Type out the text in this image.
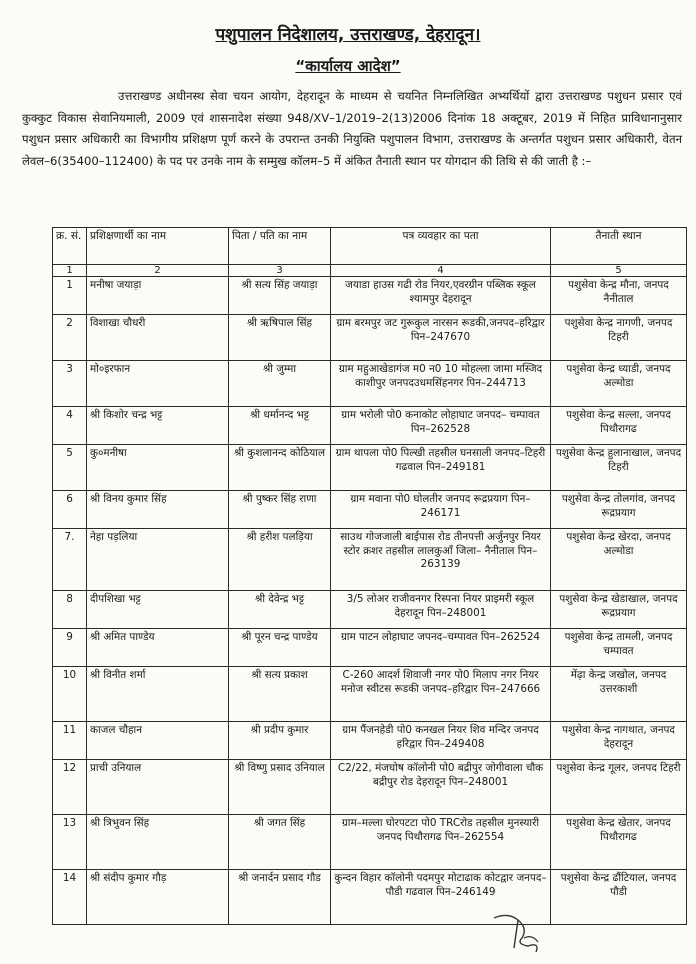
पशुपालन निदेशालय, उत्तराखण्ड, देहरादून।
“कार्यालय आदेश”
उत्तराखण्ड अधीनस्थ सेवा चयन आयोग, देहरादून के माध्यम से चयनित निम्नलिखित अभ्यर्थियों द्वारा उत्तराखण्ड पशुधन प्रसार एवं कुक्कुट विकास सेवानियमाली, 2009 एवं शासनादेश संख्या 948/XV–1/2019–2(13)2006 दिनांक 18 अक्टूबर, 2019 में निहित प्राविधानानुसार पशुधन प्रसार अधिकारी का विभागीय प्रशिक्षण पूर्ण करने के उपरान्त उनकी नियुक्ति पशुपालन विभाग, उत्तराखण्ड के अन्तर्गत पशुधन प्रसार अधिकारी, वेतन लेवल–6(35400–112400) के पद पर उनके नाम के सम्मुख कॉलम–5 में अंकित तैनाती स्थान पर योगदान की तिथि से की जाती है :–
क्र. सं.	प्रशिक्षणार्थी का नाम	पिता / पति का नाम	पत्र व्यवहार का पता	तैनाती स्थान
1	2	3	4	5
1	मनीषा जयाड़ा	श्री सत्य सिंह जयाड़ा	जयाडा हाउस गढी रोड नियर,एवरग्रीन पब्लिक स्कूल श्यामपुर देहरादून	पशुसेवा केन्द्र मौना, जनपद नैनीताल
2	विशाखा चौधरी	श्री ऋषिपाल सिंह	ग्राम बरमपुर जट गुरूकुल नारसन रूडकी,जनपद–हरिद्वार पिन–247670	पशुसेवा केन्द्र नागणी, जनपद टिहरी
3	मो०इरफान	श्री जुम्मा	ग्राम महुआखेडागंज म0 न0 10 मोहल्ला जामा मस्जिद काशीपुर जनपदउधमसिंहनगर पिन–244713	पशुसेवा केन्द्र ध्याडी, जनपद अल्मोडा
4	श्री किशोर चन्द्र भट्ट	श्री धर्मानन्द भट्ट	ग्राम भरोली पो0 कनाकोट लोहाघाट जनपद– चम्पावत पिन–262528	पशुसेवा केन्द्र सल्ला, जनपद पिथौरागढ
5	कु०मनीषा	श्री कुशलानन्द कोठियाल	ग्राम थापला पो0 पिल्खी तहसील घनसाली जनपद–टिहरी गढवाल पिन–249181	पशुसेवा केन्द्र हुलानाखाल, जनपद टिहरी
6	श्री विनय कुमार सिंह	श्री पुष्कर सिंह राणा	ग्राम मवाना पो0 घोलतीर जनपद रूद्रप्रयाग पिन–246171	पशुसेवा केन्द्र तोलगांव, जनपद रूद्रप्रयाग
7.	नेहा पड़लिया	श्री हरीश पलड़िया	साउथ गोजजाली बाईपास रोड तीनपत्ती अर्जुनपुर नियर स्टोर क्रशर तहसील लालकुआँ जिला– नैनीताल पिन–263139	पशुसेवा केन्द्र खेरदा, जनपद अल्मोडा
8	दीपशिखा भट्ट	श्री देवेन्द्र भट्ट	3/5 लोअर राजीवनगर रिस्पना नियर प्राइमरी स्कूल देहरादून पिन–248001	पशुसेवा केन्द्र खेडाखाल, जनपद रूद्रप्रयाग
9	श्री अमित पाण्डेय	श्री पूरन चन्द्र पाण्डेय	ग्राम पाटन लोहाघाट जपनद–चम्पावत पिन–262524	पशुसेवा केन्द्र तामली, जनपद चम्पावत
10	श्री विनीत शर्मा	श्री सत्य प्रकाश	C-260 आदर्श शिवाजी नगर पो0 मिलाप नगर नियर मनोज स्वीटस रूडकी जनपद–हरिद्वार पिन–247666	मेंढ़ा केन्द्र जखोल, जनपद उत्तरकाशी
11	काजल चौहान	श्री प्रदीप कुमार	ग्राम पैंजनहेडी पो0 कनखल नियर शिव मन्दिर जनपद हरिद्वार पिन–249408	पशुसेवा केन्द्र नागथात, जनपद देहरादून
12	प्राची उनियाल	श्री विष्णु प्रसाद उनियाल	C2/22, मंजघोष कॉलोनी पो0 बद्रीपुर जोगीवाला चौक बद्रीपुर रोड देहरादून पिन–248001	पशुसेवा केन्द्र गूलर, जनपद टिहरी
13	श्री त्रिभुवन सिंह	श्री जगत सिंह	ग्राम–मल्ला घोरपटटा पो0 TRCरोड तहसील मुनस्यारी जनपद पिथौरागढ पिन–262554	पशुसेवा केन्द्र खेतार, जनपद पिथौरागढ
14	श्री संदीप कुमार गौड़	श्री जनार्दन प्रसाद गौड	कुन्दन विहार कॉलोनी पदमपुर मोटाढाक कोटद्वार जनपद–पौडी गढवाल पिन–246149	पशुसेवा केन्द्र ढौंटियाल, जनपद पौडी
